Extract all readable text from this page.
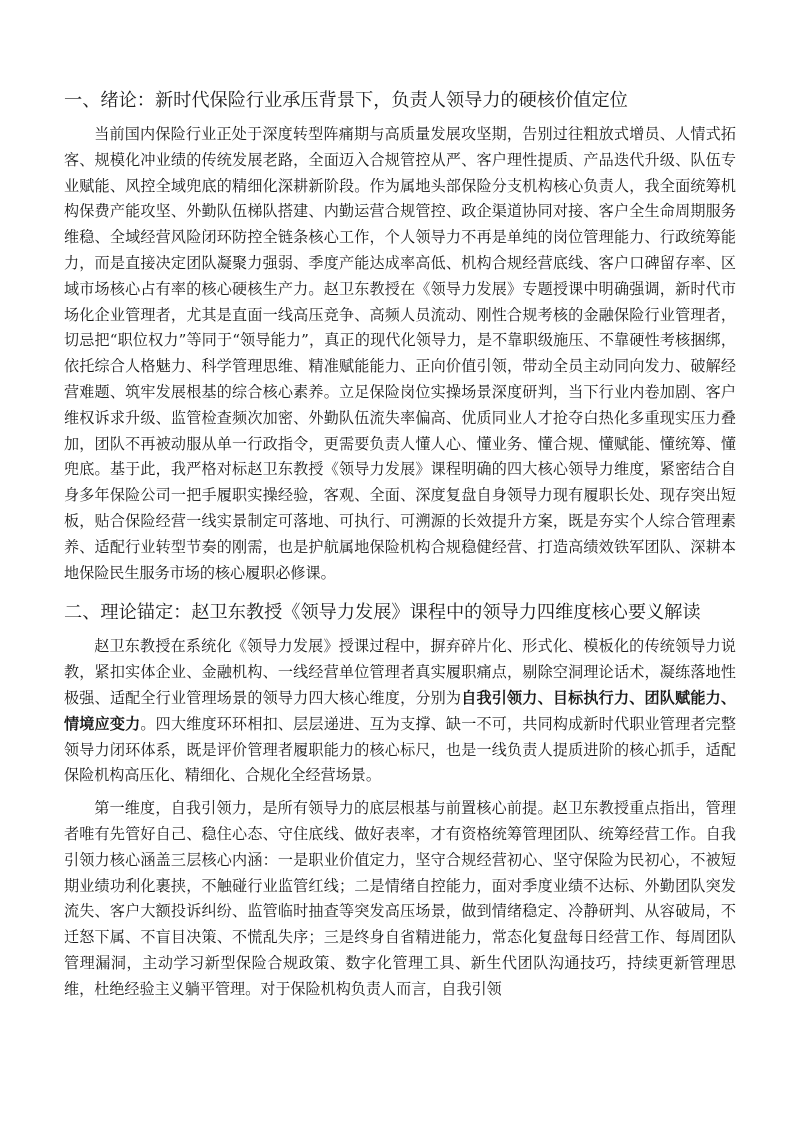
一、绪论：新时代保险行业承压背景下，负责人领导力的硬核价值定位

当前国内保险行业正处于深度转型阵痛期与高质量发展攻坚期，告别过往粗放式增员、人情式拓客、规模化冲业绩的传统发展老路，全面迈入合规管控从严、客户理性提质、产品迭代升级、队伍专业赋能、风控全域兜底的精细化深耕新阶段。作为属地头部保险分支机构核心负责人，我全面统筹机构保费产能攻坚、外勤队伍梯队搭建、内勤运营合规管控、政企渠道协同对接、客户全生命周期服务维稳、全域经营风险闭环防控全链条核心工作，个人领导力不再是单纯的岗位管理能力、行政统筹能力，而是直接决定团队凝聚力强弱、季度产能达成率高低、机构合规经营底线、客户口碑留存率、区域市场核心占有率的核心硬核生产力。赵卫东教授在《领导力发展》专题授课中明确强调，新时代市场化企业管理者，尤其是直面一线高压竞争、高频人员流动、刚性合规考核的金融保险行业管理者，切忌把“职位权力”等同于“领导能力”，真正的现代化领导力，是不靠职级施压、不靠硬性考核捆绑，依托综合人格魅力、科学管理思维、精准赋能能力、正向价值引领，带动全员主动同向发力、破解经营难题、筑牢发展根基的综合核心素养。立足保险岗位实操场景深度研判，当下行业内卷加剧、客户维权诉求升级、监管检查频次加密、外勤队伍流失率偏高、优质同业人才抢夺白热化多重现实压力叠加，团队不再被动服从单一行政指令，更需要负责人懂人心、懂业务、懂合规、懂赋能、懂统筹、懂兜底。基于此，我严格对标赵卫东教授《领导力发展》课程明确的四大核心领导力维度，紧密结合自身多年保险公司一把手履职实操经验，客观、全面、深度复盘自身领导力现有履职长处、现存突出短板，贴合保险经营一线实景制定可落地、可执行、可溯源的长效提升方案，既是夯实个人综合管理素养、适配行业转型节奏的刚需，也是护航属地保险机构合规稳健经营、打造高绩效铁军团队、深耕本地保险民生服务市场的核心履职必修课。

二、理论锚定：赵卫东教授《领导力发展》课程中的领导力四维度核心要义解读

赵卫东教授在系统化《领导力发展》授课过程中，摒弃碎片化、形式化、模板化的传统领导力说教，紧扣实体企业、金融机构、一线经营单位管理者真实履职痛点，剔除空洞理论话术，凝练落地性极强、适配全行业管理场景的领导力四大核心维度，分别为自我引领力、目标执行力、团队赋能力、情境应变力。四大维度环环相扣、层层递进、互为支撑、缺一不可，共同构成新时代职业管理者完整领导力闭环体系，既是评价管理者履职能力的核心标尺，也是一线负责人提质进阶的核心抓手，适配保险机构高压化、精细化、合规化全经营场景。

第一维度，自我引领力，是所有领导力的底层根基与前置核心前提。赵卫东教授重点指出，管理者唯有先管好自己、稳住心态、守住底线、做好表率，才有资格统筹管理团队、统筹经营工作。自我引领力核心涵盖三层核心内涵：一是职业价值定力，坚守合规经营初心、坚守保险为民初心，不被短期业绩功利化裹挟，不触碰行业监管红线；二是情绪自控能力，面对季度业绩不达标、外勤团队突发流失、客户大额投诉纠纷、监管临时抽查等突发高压场景，做到情绪稳定、冷静研判、从容破局，不迁怒下属、不盲目决策、不慌乱失序；三是终身自省精进能力，常态化复盘每日经营工作、每周团队管理漏洞，主动学习新型保险合规政策、数字化管理工具、新生代团队沟通技巧，持续更新管理思维，杜绝经验主义躺平管理。对于保险机构负责人而言，自我引领
